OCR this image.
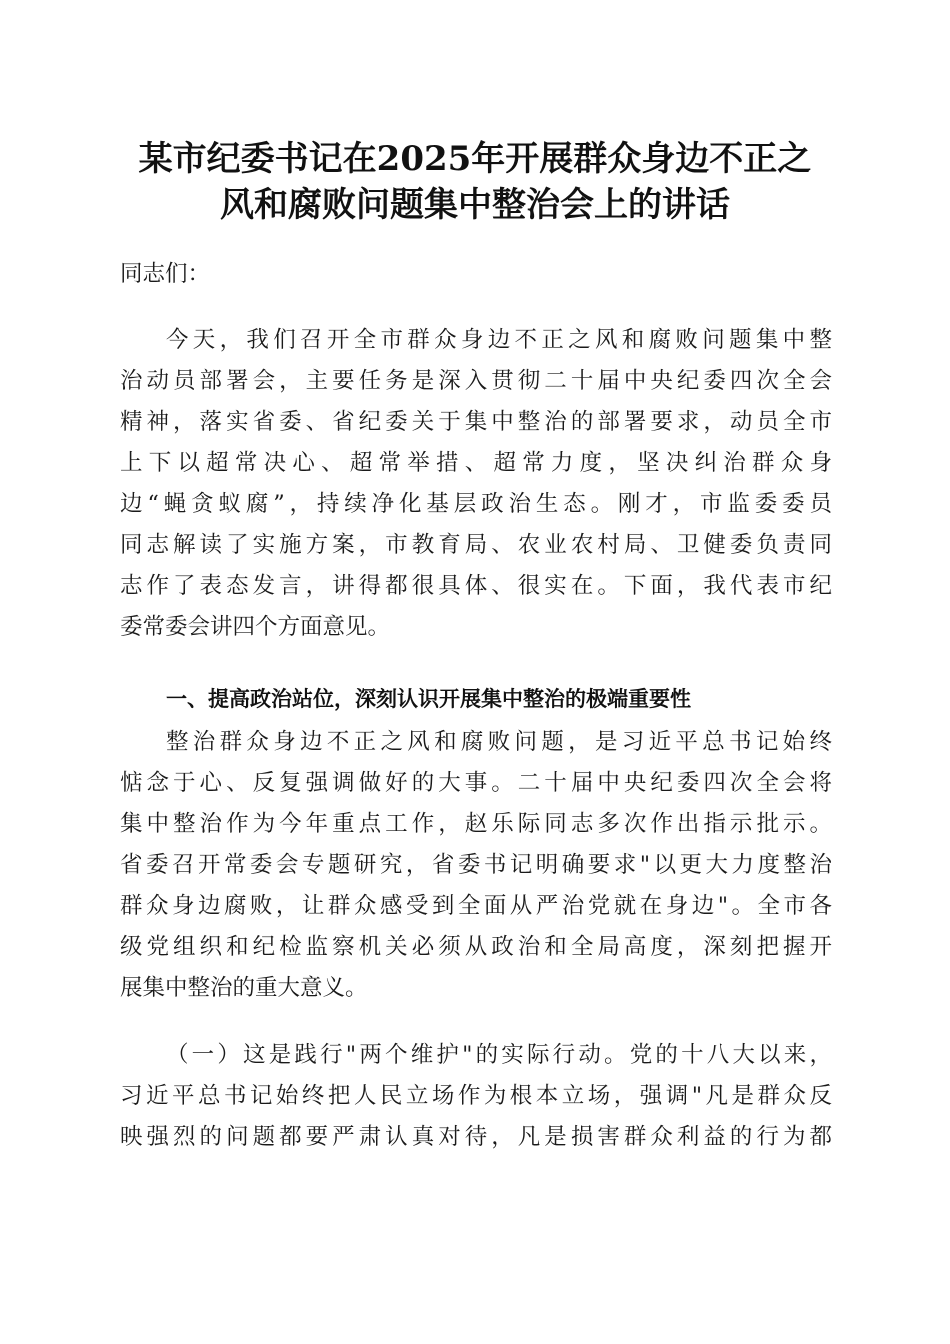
某市纪委书记在2025年开展群众身边不正之
风和腐败问题集中整治会上的讲话
同志们：
今天，我们召开全市群众身边不正之风和腐败问题集中整
治动员部署会，主要任务是深入贯彻二十届中央纪委四次全会
精神，落实省委、省纪委关于集中整治的部署要求，动员全市
上下以超常决心、超常举措、超常力度，坚决纠治群众身
边“蝇贪蚁腐”，持续净化基层政治生态。刚才，市监委委员
同志解读了实施方案，市教育局、农业农村局、卫健委负责同
志作了表态发言，讲得都很具体、很实在。下面，我代表市纪
委常委会讲四个方面意见。
一、提高政治站位，深刻认识开展集中整治的极端重要性
整治群众身边不正之风和腐败问题，是习近平总书记始终
惦念于心、反复强调做好的大事。二十届中央纪委四次全会将
集中整治作为今年重点工作，赵乐际同志多次作出指示批示。
省委召开常委会专题研究，省委书记明确要求"以更大力度整治
群众身边腐败，让群众感受到全面从严治党就在身边"。全市各
级党组织和纪检监察机关必须从政治和全局高度，深刻把握开
展集中整治的重大意义。
（一）这是践行"两个维护"的实际行动。党的十八大以来，
习近平总书记始终把人民立场作为根本立场，强调"凡是群众反
映强烈的问题都要严肃认真对待，凡是损害群众利益的行为都
